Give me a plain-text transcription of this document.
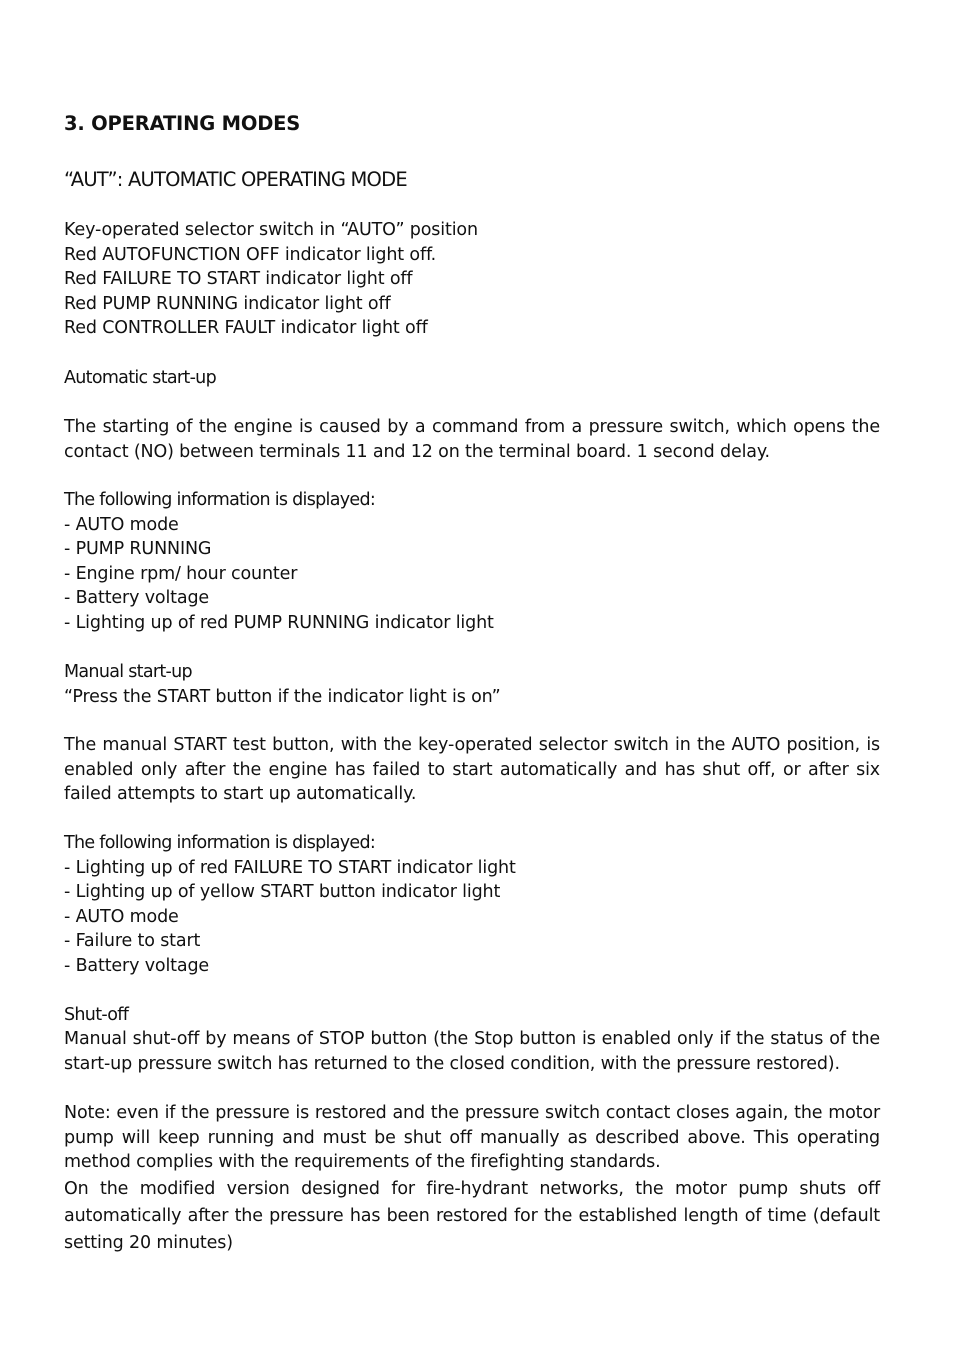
3. OPERATING MODES
“AUT”: AUTOMATIC OPERATING MODE
Key-operated selector switch in “AUTO” position
Red AUTOFUNCTION OFF indicator light off.
Red FAILURE TO START indicator light off
Red PUMP RUNNING indicator light off
Red CONTROLLER FAULT indicator light off
Automatic start-up
The starting of the engine is caused by a command from a pressure switch, which opens the contact (NO) between terminals 11 and 12 on the terminal board. 1 second delay.
The following information is displayed:
- AUTO mode
- PUMP RUNNING
- Engine rpm/ hour counter
- Battery voltage
- Lighting up of red PUMP RUNNING indicator light
Manual start-up
“Press the START button if the indicator light is on”
The manual START test button, with the key-operated selector switch in the AUTO position, is enabled only after the engine has failed to start automatically and has shut off, or after six failed attempts to start up automatically.
The following information is displayed:
- Lighting up of red FAILURE TO START indicator light
- Lighting up of yellow START button indicator light
- AUTO mode
- Failure to start
- Battery voltage
Shut-off
Manual shut-off by means of STOP button (the Stop button is enabled only if the status of the start-up pressure switch has returned to the closed condition, with the pressure restored).
Note: even if the pressure is restored and the pressure switch contact closes again, the motor pump will keep running and must be shut off manually as described above. This operating method complies with the requirements of the firefighting standards.
On the modified version designed for fire-hydrant networks, the motor pump shuts off
automatically after the pressure has been restored for the established length of time (default
setting 20 minutes)
